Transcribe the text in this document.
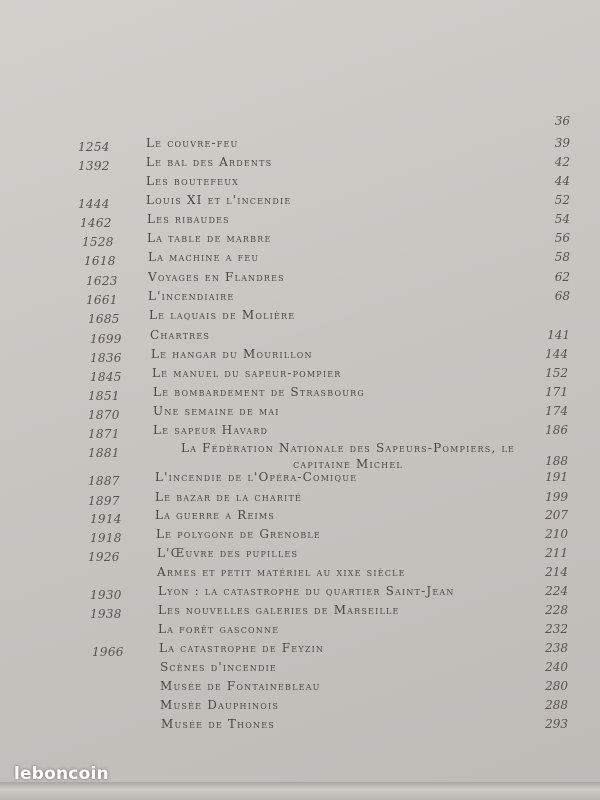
36
1254	Le couvre-feu	39
1392	Le bal des Ardents	42
Les boutefeux	44
1444	Louis XI et l'incendie	52
1462	Les ribaudes	54
1528	La table de marbre	56
1618	La machine a feu	58
1623	Voyages en Flandres	62
1661	L'incendiaire	68
1685 Le laquais de Molière
1699 Chartres	141
1836 Le hangar du Mourillon	144
1845	Le manuel du sapeur-pompier	152
1851	Le bombardement de Strasbourg	171
1870	Une semaine de mai	174
1871	Le sapeur Havard	186
1881	La Fédération Nationale des Sapeurs-Pompiers, le capitaine Michel	188
1887	L'incendie de l'Opéra-Comique	191
1897	Le bazar de la charité	199
1914	La guerre a Reims	207
1918	Le polygone de Grenoble	210
1926	L'Œuvre des pupilles	211
Armes et petit matériel au xixe siècle	214
1930	Lyon : la catastrophe du quartier Saint-Jean	224
1938	Les nouvelles galeries de Marseille	228
La forêt gasconne	232
1966	La catastrophe de Feyzin	238
Scènes d'incendie	240
Musée de Fontainebleau	280
Musée Dauphinois	288
Musée de Thones	293
leboncoin
